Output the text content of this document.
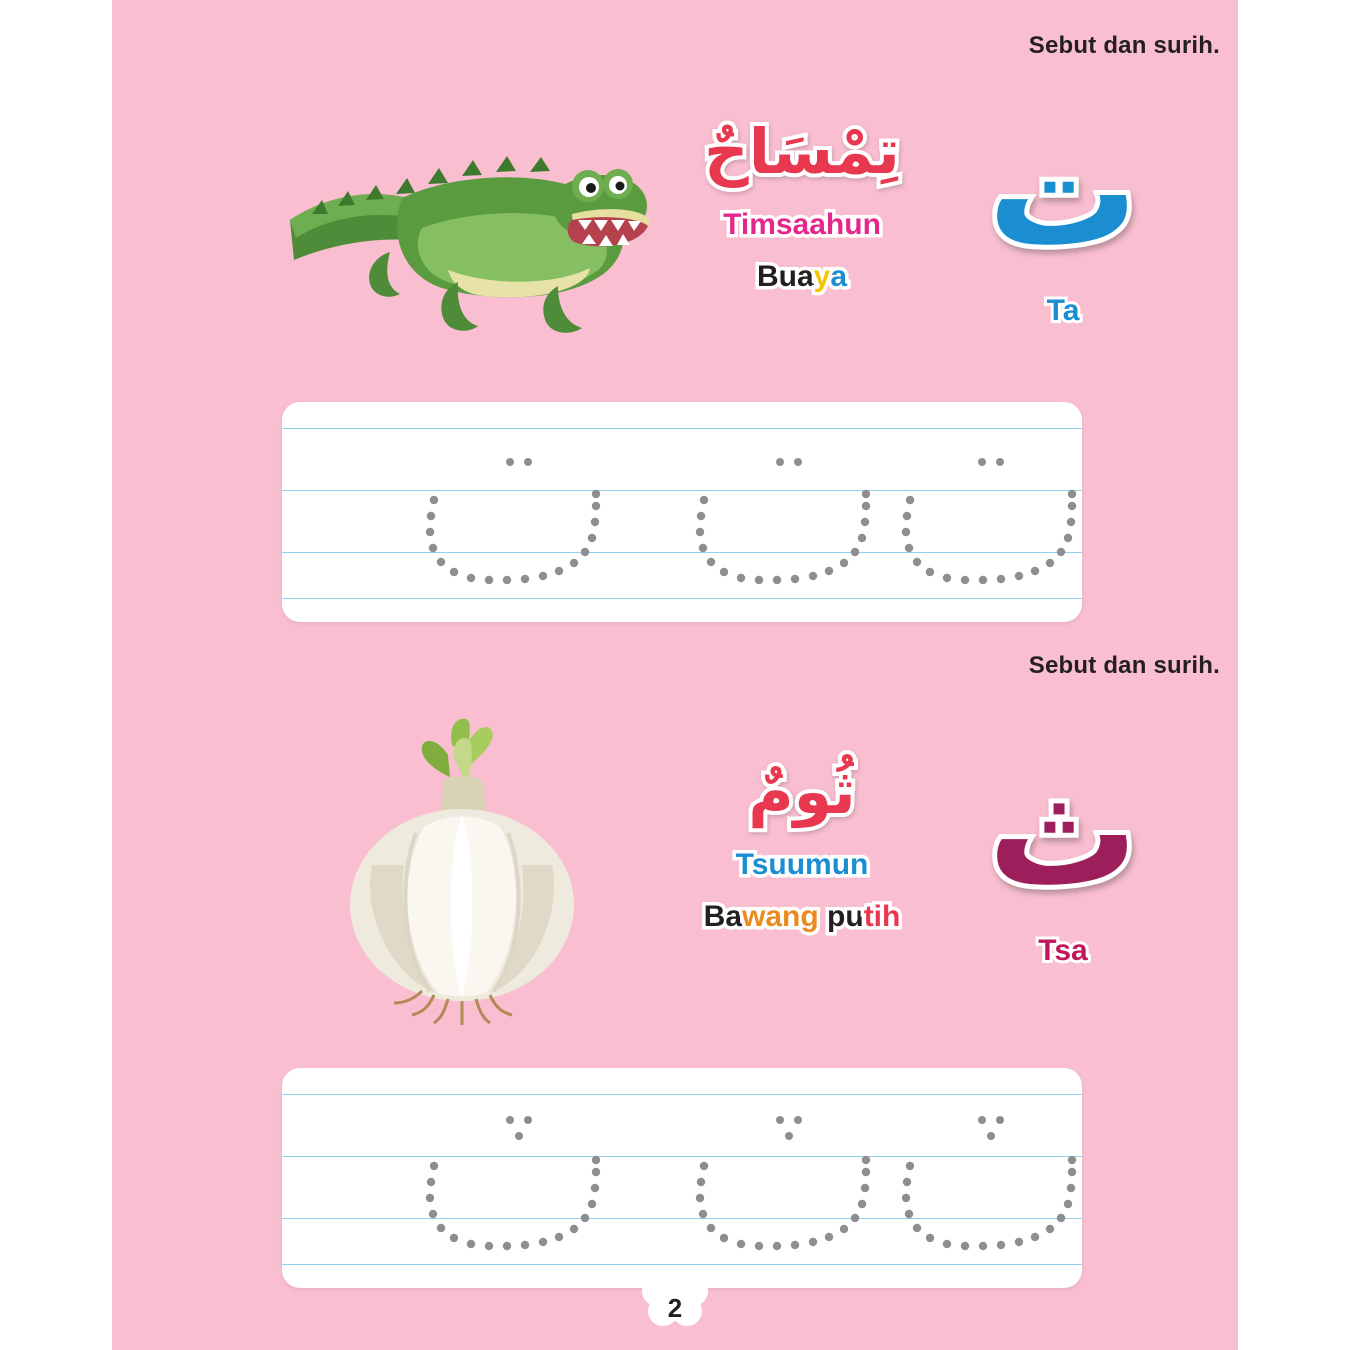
Sebut dan surih.
تِمْسَاحٌ
Timsaahun
Buaya ت
Ta
Sebut dan surih.
ثُومٌ
Tsuumun
Bawang putih ث
Tsa
2
